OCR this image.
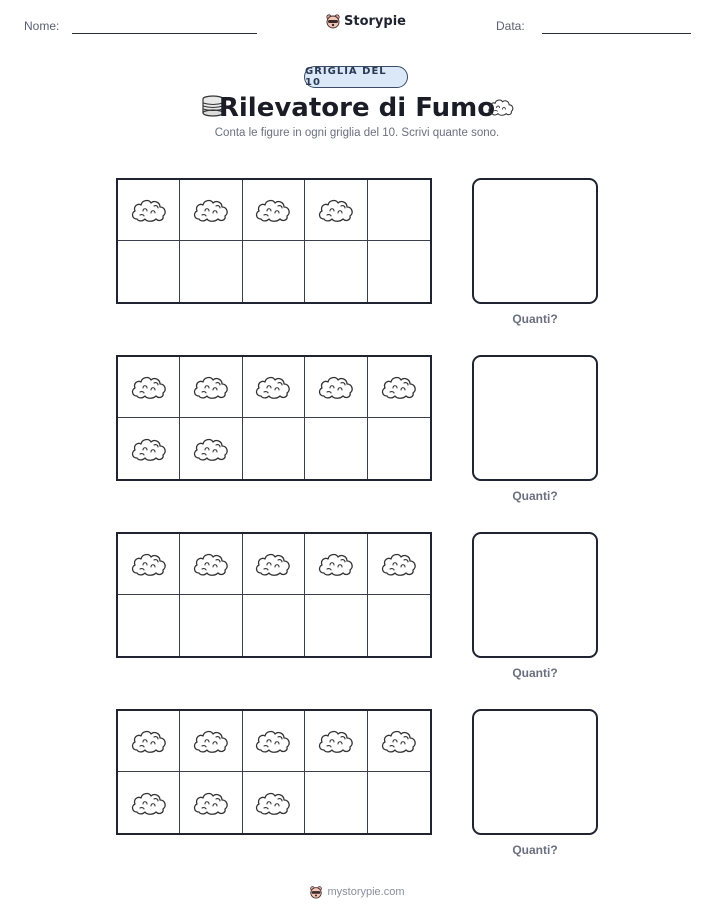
Nome:	Storypie	Data:
GRIGLIA DEL 10
Rilevatore di Fumo
Conta le figure in ogni griglia del 10. Scrivi quante sono.
Quanti?
Quanti?
Quanti?
Quanti?
mystorypie.com
